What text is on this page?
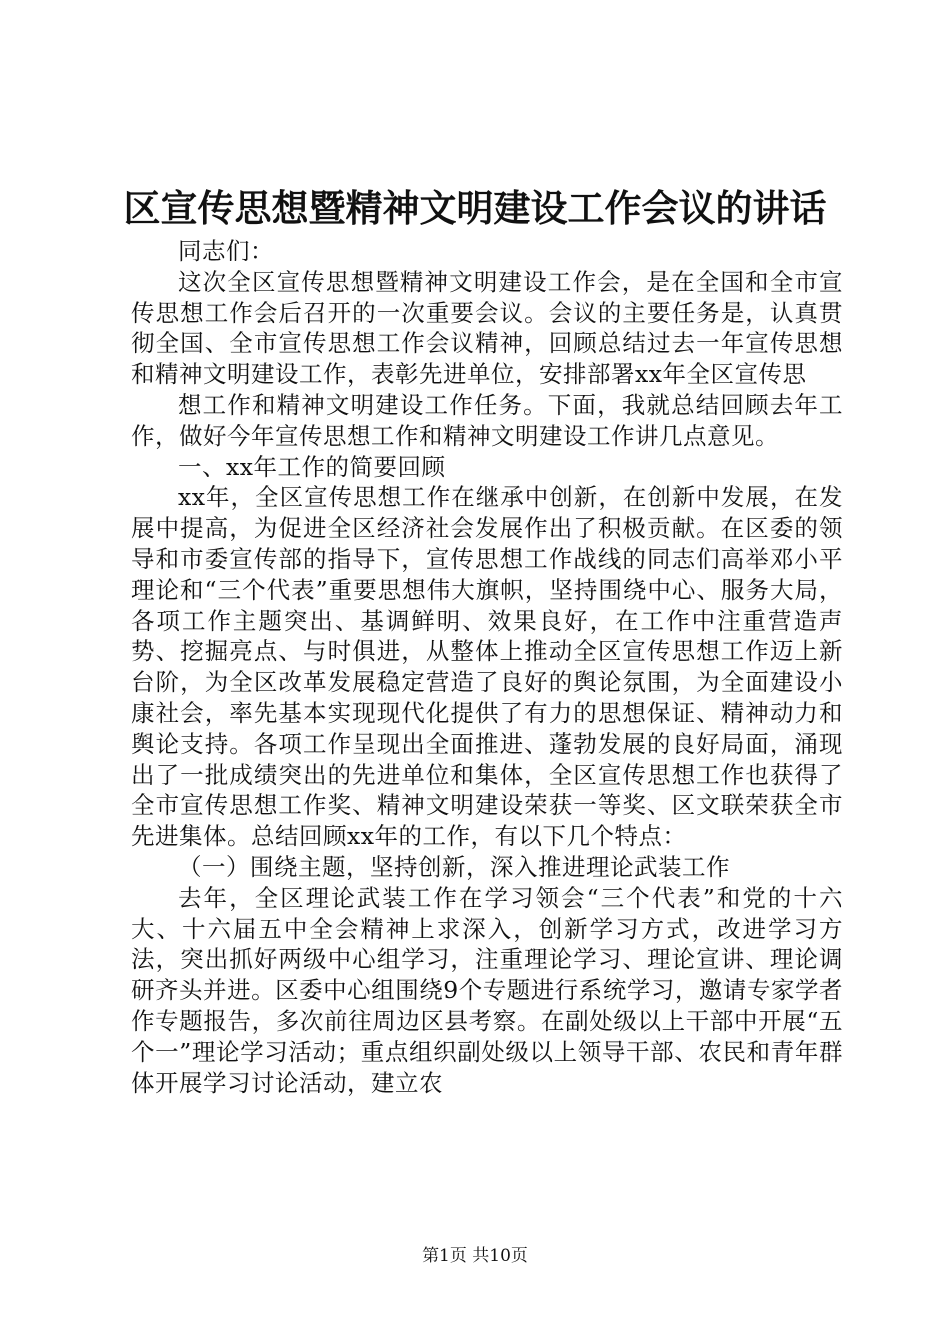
区宣传思想暨精神文明建设工作会议的讲话

同志们：

这次全区宣传思想暨精神文明建设工作会，是在全国和全市宣传思想工作会后召开的一次重要会议。会议的主要任务是，认真贯彻全国、全市宣传思想工作会议精神，回顾总结过去一年宣传思想和精神文明建设工作，表彰先进单位，安排部署xx年全区宣传思

想工作和精神文明建设工作任务。下面，我就总结回顾去年工作，做好今年宣传思想工作和精神文明建设工作讲几点意见。

一、xx年工作的简要回顾

xx年，全区宣传思想工作在继承中创新，在创新中发展，在发展中提高，为促进全区经济社会发展作出了积极贡献。在区委的领导和市委宣传部的指导下，宣传思想工作战线的同志们高举邓小平理论和“三个代表”重要思想伟大旗帜，坚持围绕中心、服务大局，各项工作主题突出、基调鲜明、效果良好，在工作中注重营造声势、挖掘亮点、与时俱进，从整体上推动全区宣传思想工作迈上新台阶，为全区改革发展稳定营造了良好的舆论氛围，为全面建设小康社会，率先基本实现现代化提供了有力的思想保证、精神动力和舆论支持。各项工作呈现出全面推进、蓬勃发展的良好局面，涌现出了一批成绩突出的先进单位和集体，全区宣传思想工作也获得了全市宣传思想工作奖、精神文明建设荣获一等奖、区文联荣获全市先进集体。总结回顾xx年的工作，有以下几个特点：

（一）围绕主题，坚持创新，深入推进理论武装工作

去年，全区理论武装工作在学习领会“三个代表”和党的十六大、十六届五中全会精神上求深入，创新学习方式，改进学习方法，突出抓好两级中心组学习，注重理论学习、理论宣讲、理论调研齐头并进。区委中心组围绕9个专题进行系统学习，邀请专家学者作专题报告，多次前往周边区县考察。在副处级以上干部中开展“五个一”理论学习活动；重点组织副处级以上领导干部、农民和青年群体开展学习讨论活动，建立农

第1页 共10页
